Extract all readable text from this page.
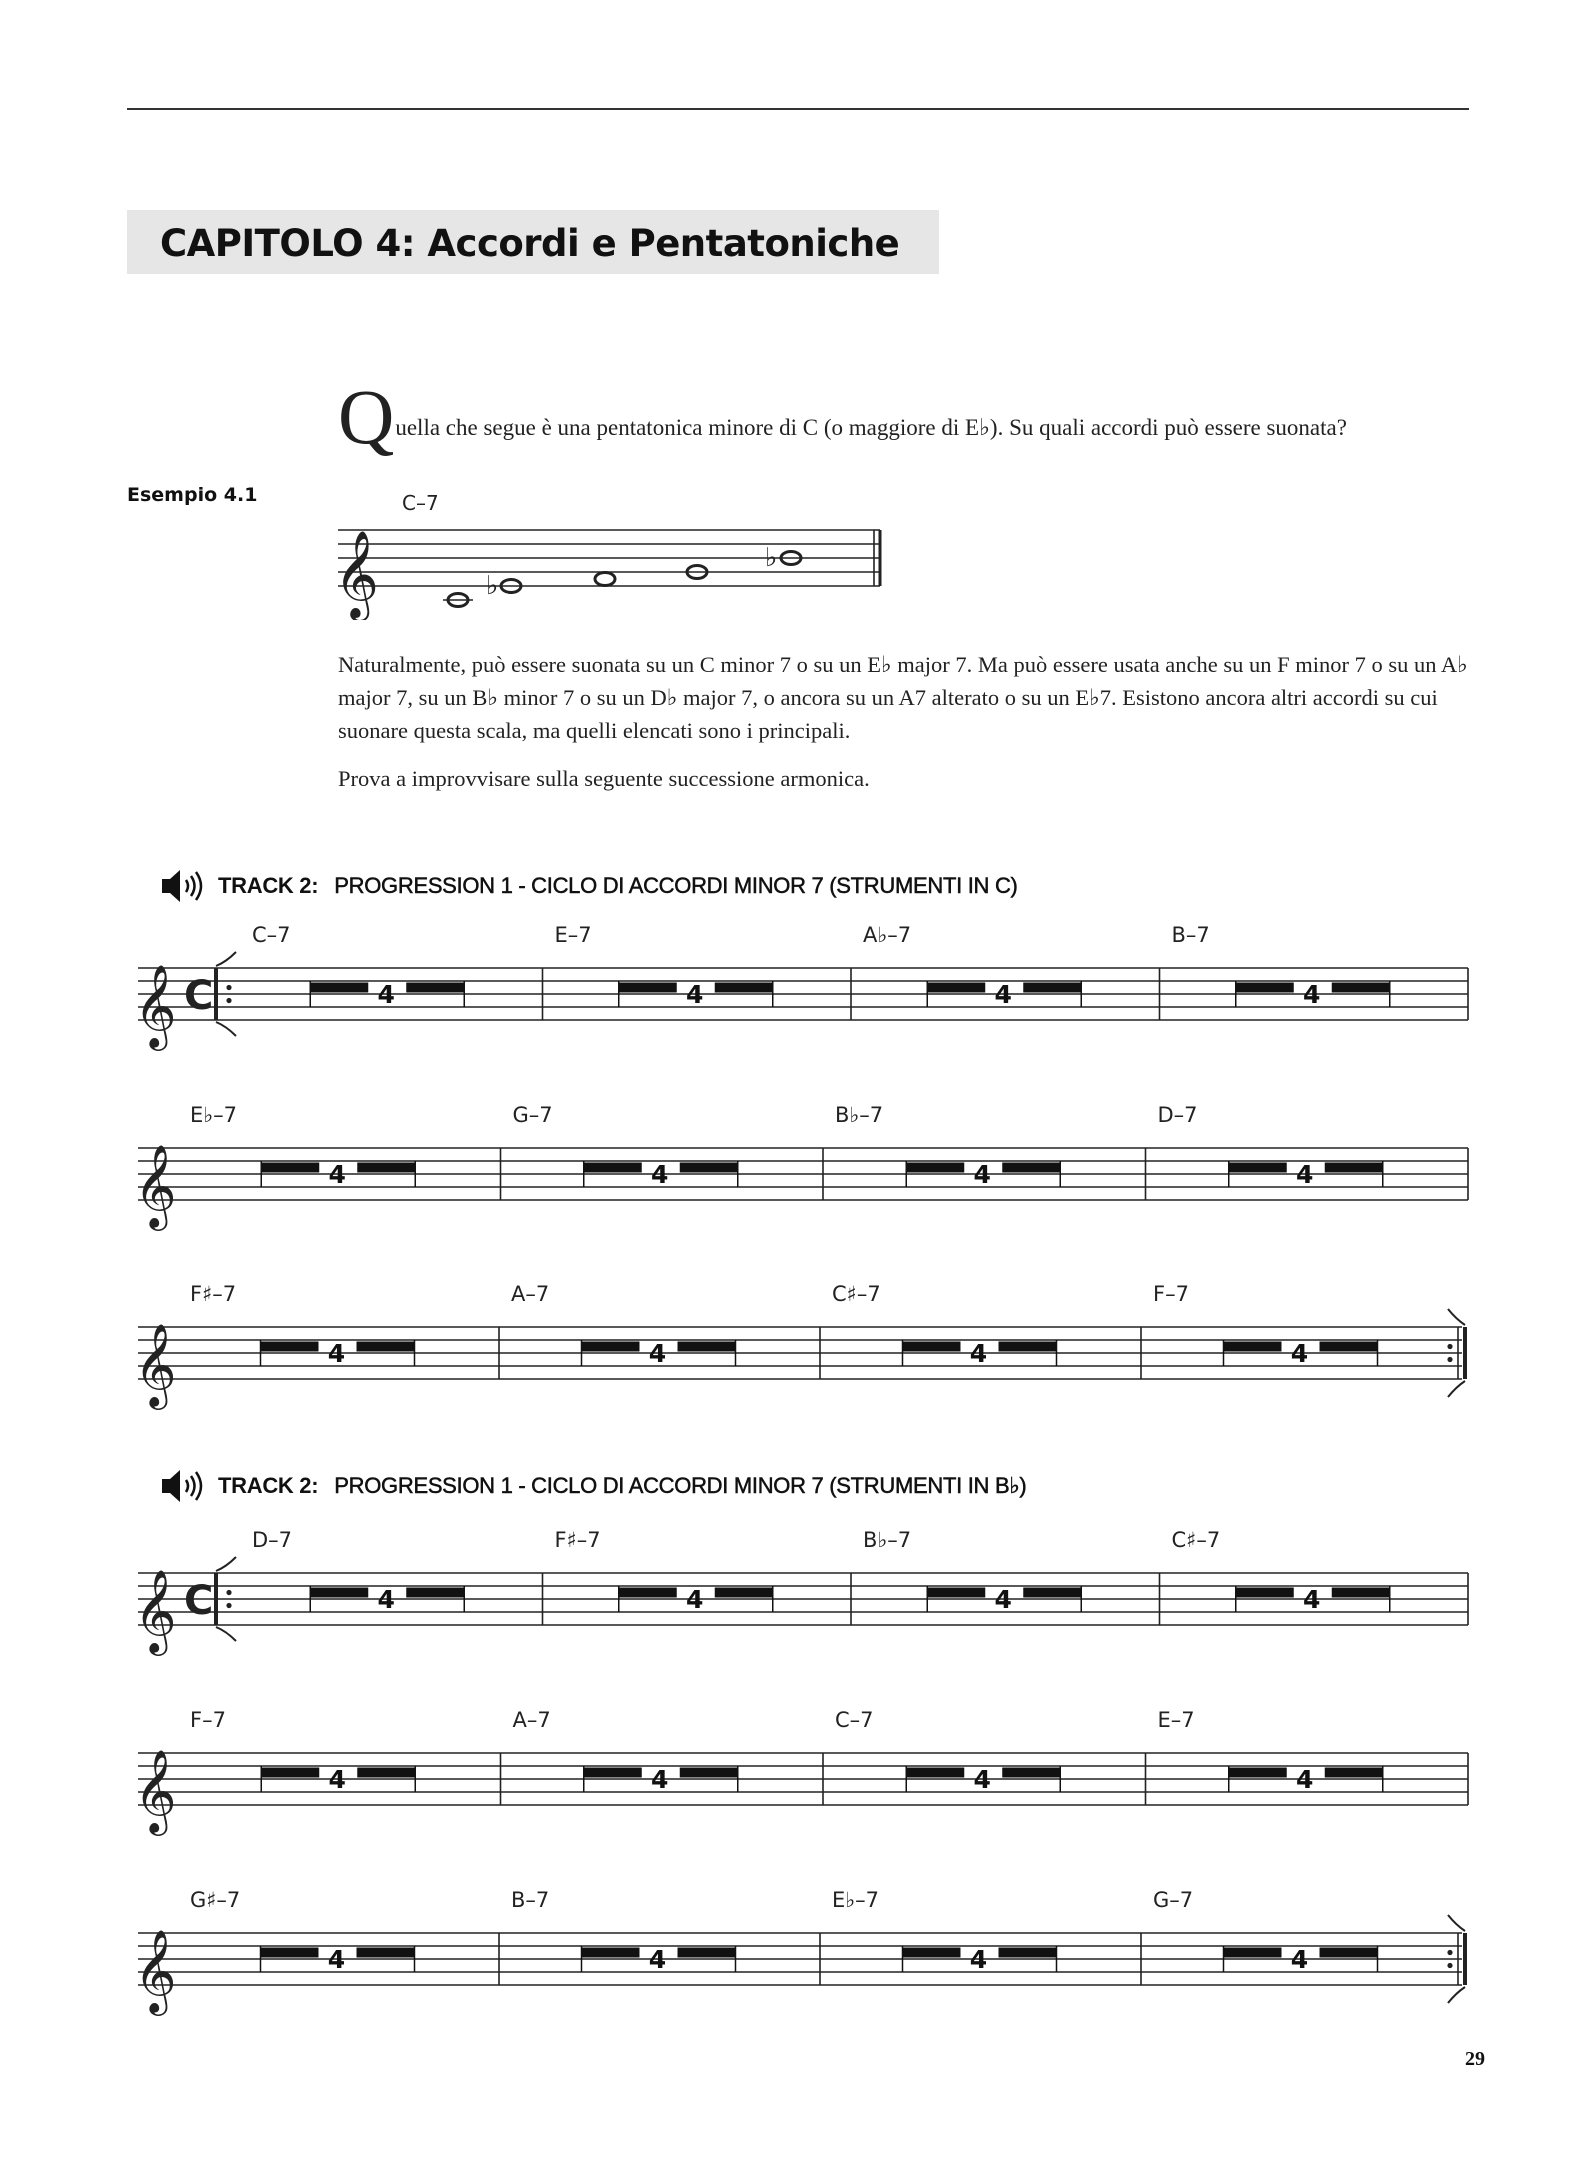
CAPITOLO 4: Accordi e Pentatoniche
Quella che segue è una pentatonica minore di C (o maggiore di E♭). Su quali accordi può essere suonata?
Esempio 4.1
𝄞
C–7
♭
♭
Naturalmente, può essere suonata su un C minor 7 o su un E♭ major 7. Ma può essere usata anche su un F minor 7 o su un A♭ major 7, su un B♭ minor 7 o su un D♭ major 7, o ancora su un A7 alterato o su un E♭7. Esistono ancora altri accordi su cui suonare questa scala, ma quelli elencati sono i principali.
Prova a improvvisare sulla seguente successione armonica.
TRACK 2: PROGRESSION 1 - CICLO DI ACCORDI MINOR 7 (STRUMENTI IN C)
TRACK 2: PROGRESSION 1 - CICLO DI ACCORDI MINOR 7 (STRUMENTI IN B♭)
𝄞 C
C–7
4
E–7
4
A♭–7
4
B–7
4
𝄞
E♭–7
4
G–7
4
B♭–7
4
D–7
4
𝄞
F♯–7
4
A–7
4
C♯–7
4
F–7
4
𝄞 C
D–7
4
F♯–7
4
B♭–7
4
C♯–7
4
𝄞
F–7
4
A–7
4
C–7
4
E–7
4
𝄞
G♯–7
4
B–7
4
E♭–7
4
G–7
4
29
